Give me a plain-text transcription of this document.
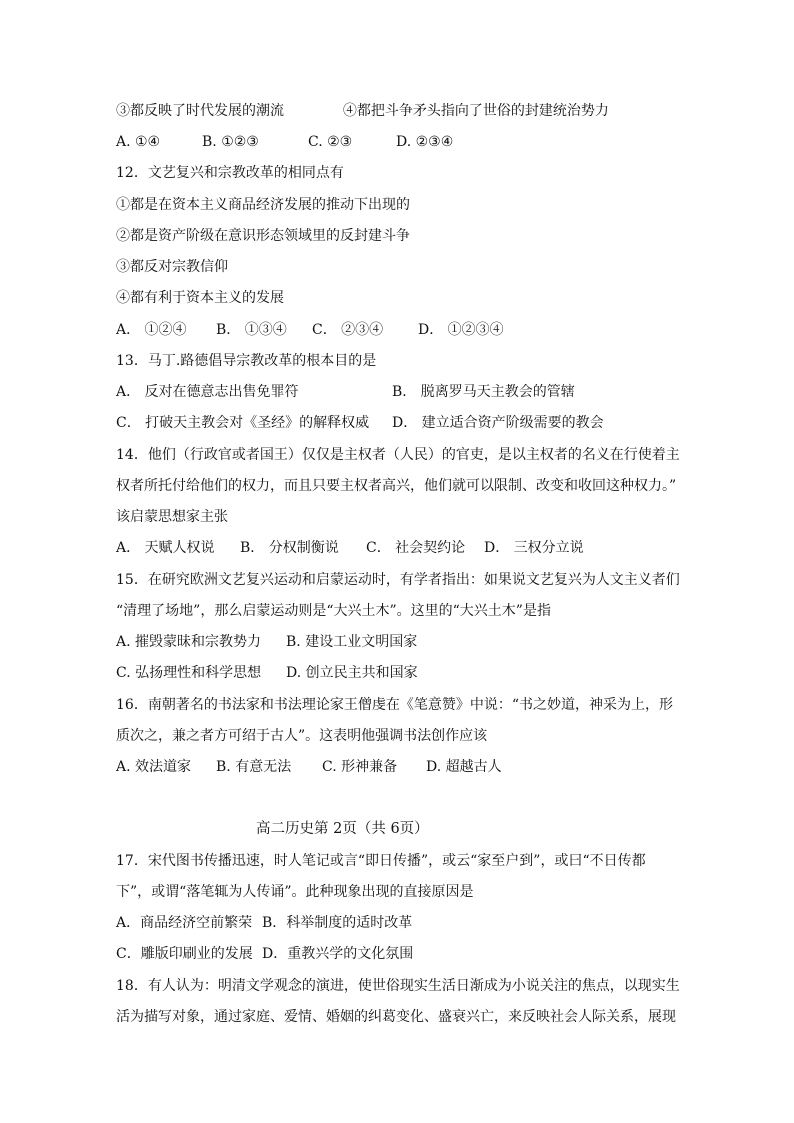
③都反映了时代发展的潮流	④都把斗争矛头指向了世俗的封建统治势力
A. ①④	B. ①②③	C. ②③	D. ②③④
12．文艺复兴和宗教改革的相同点有
①都是在资本主义商品经济发展的推动下出现的
②都是资产阶级在意识形态领域里的反封建斗争
③都反对宗教信仰
④都有利于资本主义的发展
A． ①②④ B． ①③④ C． ②③④ D． ①②③④
13．马丁.路德倡导宗教改革的根本目的是
A． 反对在德意志出售免罪符	B． 脱离罗马天主教会的管辖
C． 打破天主教会对《圣经》的解释权威 D． 建立适合资产阶级需要的教会
14．他们（行政官或者国王）仅仅是主权者（人民）的官吏，是以主权者的名义在行使着主
权者所托付给他们的权力，而且只要主权者高兴，他们就可以限制、改变和收回这种权力。”
该启蒙思想家主张
A． 天赋人权说 B． 分权制衡说 C． 社会契约论 D． 三权分立说
15．在研究欧洲文艺复兴运动和启蒙运动时，有学者指出：如果说文艺复兴为人文主义者们
“清理了场地”，那么启蒙运动则是“大兴土木”。这里的“大兴土木”是指
A. 摧毁蒙昧和宗教势力 B. 建设工业文明国家
C. 弘扬理性和科学思想 D. 创立民主共和国家
16．南朝著名的书法家和书法理论家王僧虔在《笔意赞》中说：“书之妙道，神采为上，形
质次之，兼之者方可绍于古人”。这表明他强调书法创作应该
A. 效法道家 B. 有意无法 C. 形神兼备 D. 超越古人
高二历史第 2页（共 6页）
17．宋代图书传播迅速，时人笔记或言“即日传播”，或云“家至户到”，或曰“不日传都
下”，或谓“落笔辄为人传诵”。此种现象出现的直接原因是
A．商品经济空前繁荣 B．科举制度的适时改革
C．雕版印刷业的发展 D．重教兴学的文化氛围
18．有人认为：明清文学观念的演进，使世俗现实生活日渐成为小说关注的焦点，以现实生
活为描写对象，通过家庭、爱情、婚姻的纠葛变化、盛衰兴亡，来反映社会人际关系，展现
